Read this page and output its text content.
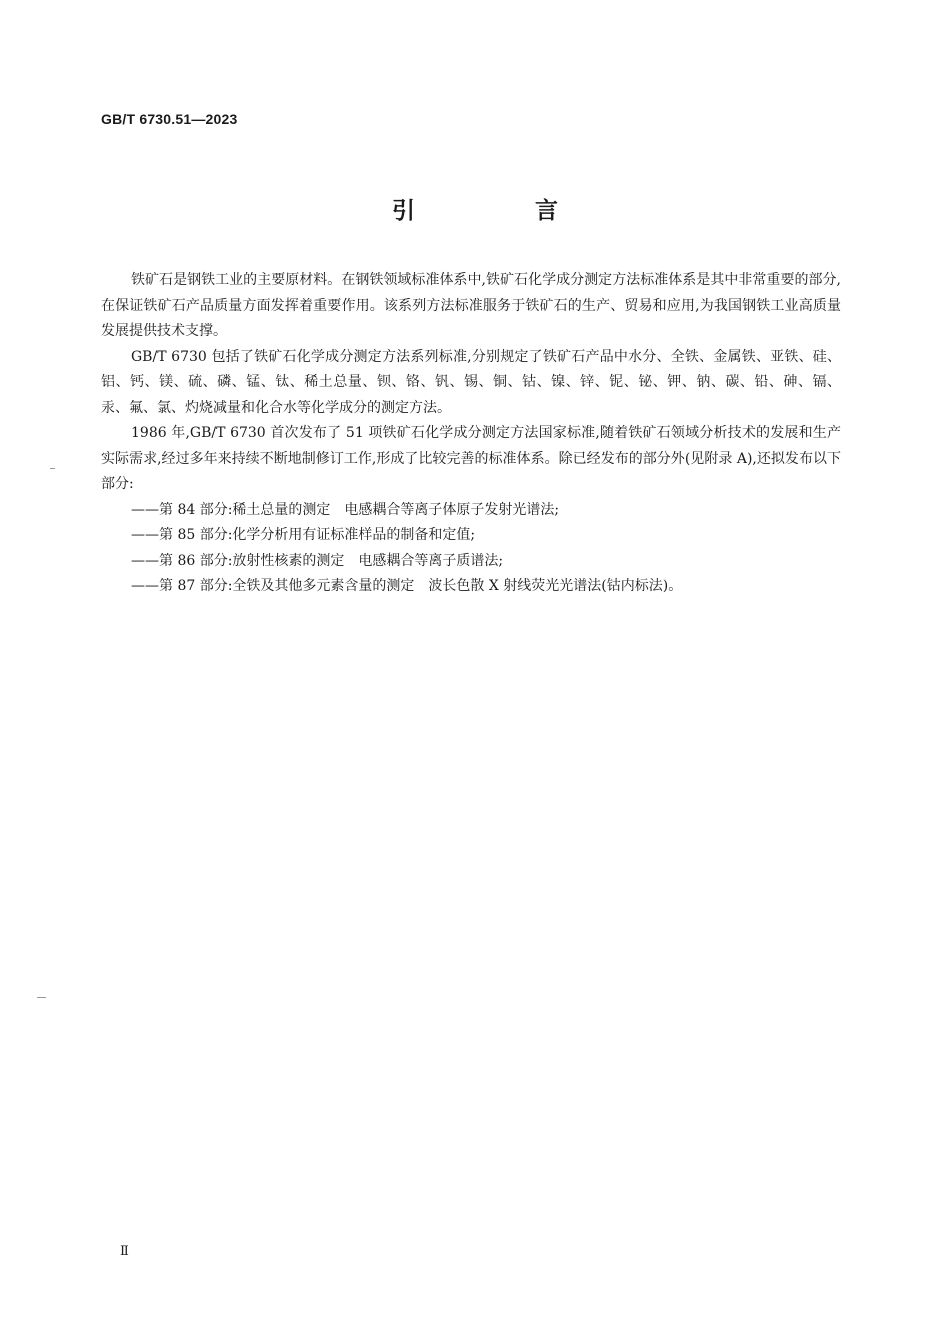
GB/T 6730.51—2023
引 言

铁矿石是钢铁工业的主要原材料。在钢铁领域标准体系中,铁矿石化学成分测定方法标准体系是其中非常重要的部分,在保证铁矿石产品质量方面发挥着重要作用。该系列方法标准服务于铁矿石的生产、贸易和应用,为我国钢铁工业高质量发展提供技术支撑。

GB/T 6730 包括了铁矿石化学成分测定方法系列标准,分别规定了铁矿石产品中水分、全铁、金属铁、亚铁、硅、铝、钙、镁、硫、磷、锰、钛、稀土总量、钡、铬、钒、锡、铜、钴、镍、锌、铌、铋、钾、钠、碳、铅、砷、镉、汞、氟、氯、灼烧减量和化合水等化学成分的测定方法。

1986 年,GB/T 6730 首次发布了 51 项铁矿石化学成分测定方法国家标准,随着铁矿石领域分析技术的发展和生产实际需求,经过多年来持续不断地制修订工作,形成了比较完善的标准体系。除已经发布的部分外(见附录 A),还拟发布以下部分:

——第 84 部分:稀土总量的测定　电感耦合等离子体原子发射光谱法;
——第 85 部分:化学分析用有证标准样品的制备和定值;
——第 86 部分:放射性核素的测定　电感耦合等离子质谱法;
——第 87 部分:全铁及其他多元素含量的测定　波长色散 X 射线荧光光谱法(钴内标法)。
Ⅱ
